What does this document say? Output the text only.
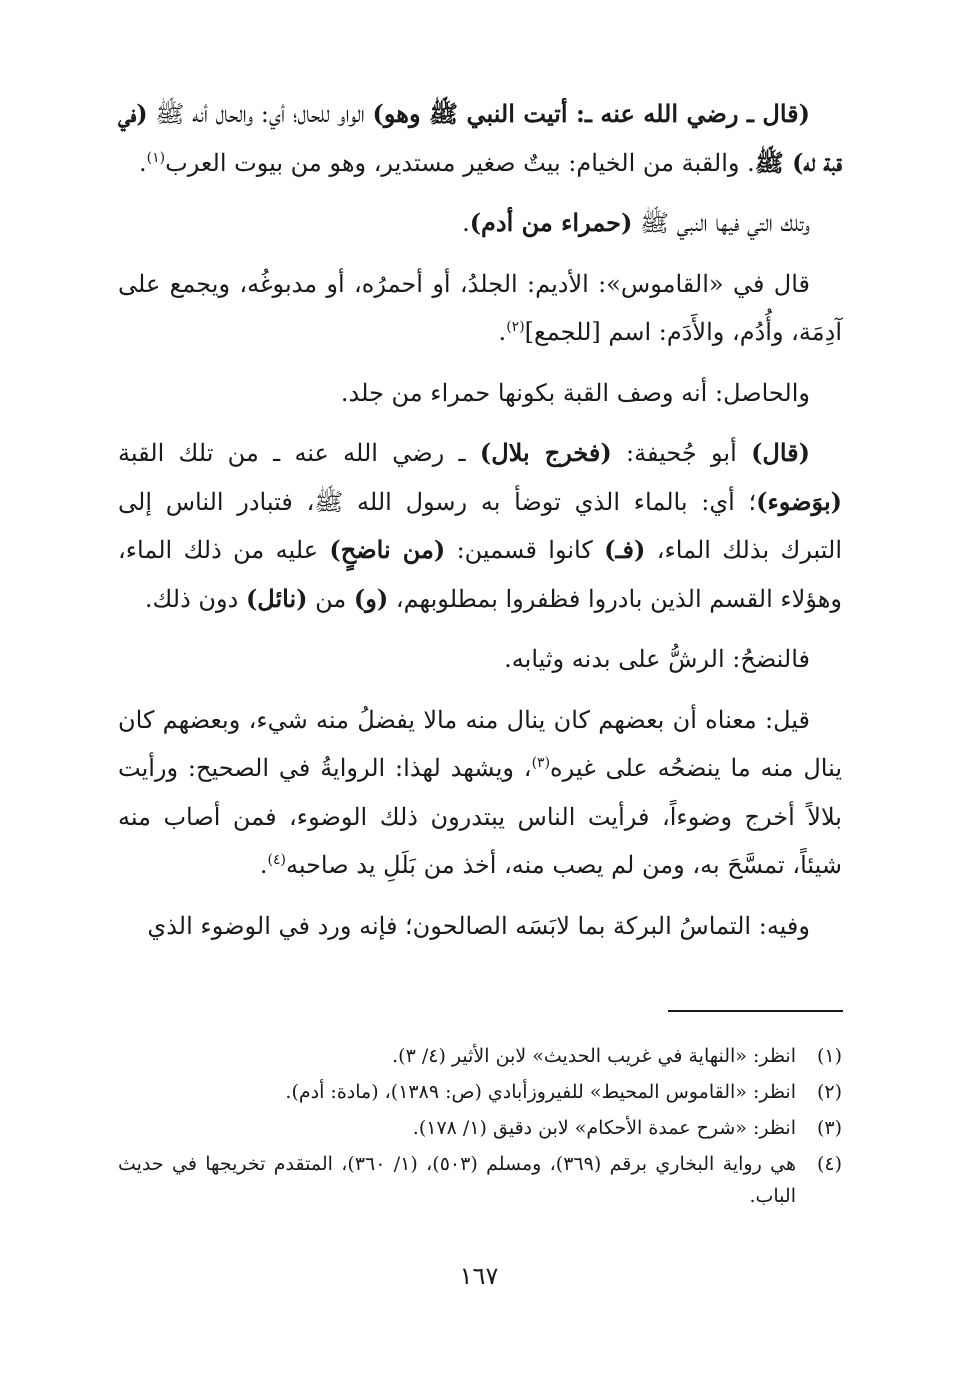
(قال ـ رضي الله عنه ـ: أتيت النبي ﷺ وهو) الواو للحال؛ أي: والحال أنه ﷺ (في قبة له) ﷺ. والقبة من الخيام: بيتٌ صغير مستدير، وهو من بيوت العرب$^{(١)}$.

وتلك التي فيها النبي ﷺ (حمراء من أدم).

قال في «القاموس»: الأديم: الجلدُ، أو أحمرُه، أو مدبوغُه، ويجمع على آدِمَة، وأُدُم، والأَدَم: اسم [للجمع]$^{(٢)}$.

والحاصل: أنه وصف القبة بكونها حمراء من جلد.

(قال) أبو جُحيفة: (فخرج بلال) ـ رضي الله عنه ـ من تلك القبة (بوَضوء)؛ أي: بالماء الذي توضأ به رسول الله ﷺ، فتبادر الناس إلى التبرك بذلك الماء، (فـ) كانوا قسمين: (من ناضحٍ) عليه من ذلك الماء، وهؤلاء القسم الذين بادروا فظفروا بمطلوبهم، (و) من (نائل) دون ذلك.

فالنضحُ: الرشُّ على بدنه وثيابه.

قيل: معناه أن بعضهم كان ينال منه مالا يفضلُ منه شيء، وبعضهم كان ينال منه ما ينضحُه على غيره$^{(٣)}$، ويشهد لهذا: الروايةُ في الصحيح: ورأيت بلالاً أخرج وضوءاً، فرأيت الناس يبتدرون ذلك الوضوء، فمن أصاب منه شيئاً، تمسَّحَ به، ومن لم يصب منه، أخذ من بَلَلِ يد صاحبه$^{(٤)}$.

وفيه: التماسُ البركة بما لابَسَه الصالحون؛ فإنه ورد في الوضوء الذي

(١)
انظر: «النهاية في غريب الحديث» لابن الأثير (٤/ ٣).
(٢)
انظر: «القاموس المحيط» للفيروزأبادي (ص: ١٣٨٩)، (مادة: أدم).
(٣)
انظر: «شرح عمدة الأحكام» لابن دقيق (١/ ١٧٨).
(٤)
هي رواية البخاري برقم (٣٦٩)، ومسلم (٥٠٣)، (١/ ٣٦٠)، المتقدم تخريجها في حديث الباب.
١٦٧
